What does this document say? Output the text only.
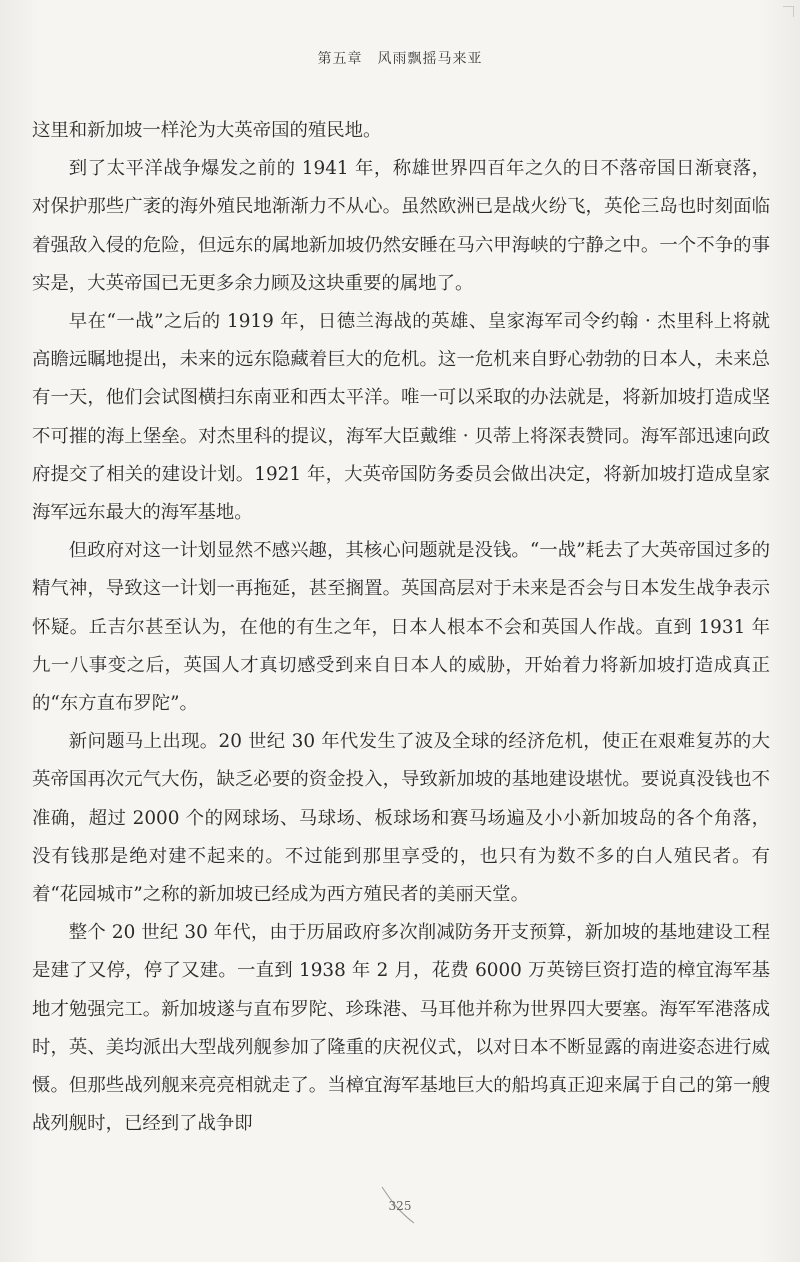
第五章　风雨飘摇马来亚

这里和新加坡一样沦为大英帝国的殖民地。

到了太平洋战争爆发之前的 1941 年，称雄世界四百年之久的日不落帝国日渐衰落，对保护那些广袤的海外殖民地渐渐力不从心。虽然欧洲已是战火纷飞，英伦三岛也时刻面临着强敌入侵的危险，但远东的属地新加坡仍然安睡在马六甲海峡的宁静之中。一个不争的事实是，大英帝国已无更多余力顾及这块重要的属地了。

早在“一战”之后的 1919 年，日德兰海战的英雄、皇家海军司令约翰 · 杰里科上将就高瞻远瞩地提出，未来的远东隐藏着巨大的危机。这一危机来自野心勃勃的日本人，未来总有一天，他们会试图横扫东南亚和西太平洋。唯一可以采取的办法就是，将新加坡打造成坚不可摧的海上堡垒。对杰里科的提议，海军大臣戴维 · 贝蒂上将深表赞同。海军部迅速向政府提交了相关的建设计划。1921 年，大英帝国防务委员会做出决定，将新加坡打造成皇家海军远东最大的海军基地。

但政府对这一计划显然不感兴趣，其核心问题就是没钱。“一战”耗去了大英帝国过多的精气神，导致这一计划一再拖延，甚至搁置。英国高层对于未来是否会与日本发生战争表示怀疑。丘吉尔甚至认为，在他的有生之年，日本人根本不会和英国人作战。直到 1931 年九一八事变之后，英国人才真切感受到来自日本人的威胁，开始着力将新加坡打造成真正的“东方直布罗陀”。

新问题马上出现。20 世纪 30 年代发生了波及全球的经济危机，使正在艰难复苏的大英帝国再次元气大伤，缺乏必要的资金投入，导致新加坡的基地建设堪忧。要说真没钱也不准确，超过 2000 个的网球场、马球场、板球场和赛马场遍及小小新加坡岛的各个角落，没有钱那是绝对建不起来的。不过能到那里享受的，也只有为数不多的白人殖民者。有着“花园城市”之称的新加坡已经成为西方殖民者的美丽天堂。

整个 20 世纪 30 年代，由于历届政府多次削减防务开支预算，新加坡的基地建设工程是建了又停，停了又建。一直到 1938 年 2 月，花费 6000 万英镑巨资打造的樟宜海军基地才勉强完工。新加坡遂与直布罗陀、珍珠港、马耳他并称为世界四大要塞。海军军港落成时，英、美均派出大型战列舰参加了隆重的庆祝仪式，以对日本不断显露的南进姿态进行威慑。但那些战列舰来亮亮相就走了。当樟宜海军基地巨大的船坞真正迎来属于自己的第一艘战列舰时，已经到了战争即

325
